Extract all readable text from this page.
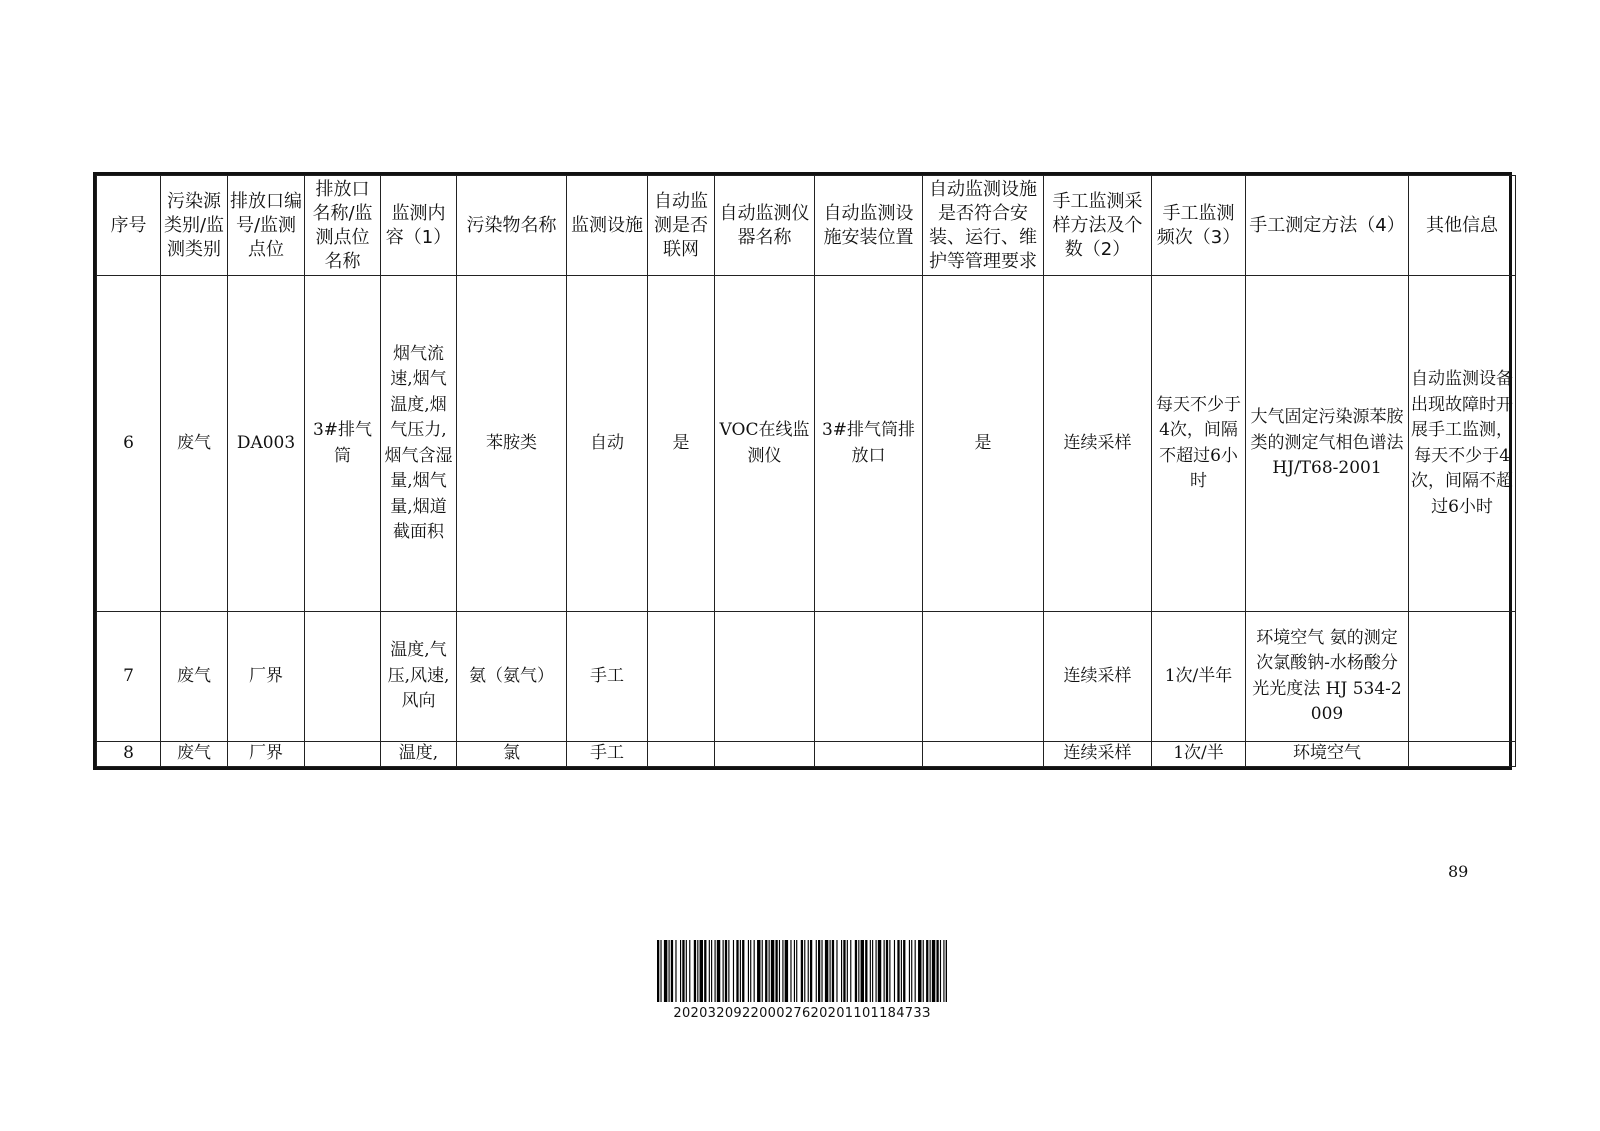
序号	污染源类别/监测类别	排放口编号/监测点位	排放口名称/监测点位名称	监测内容（1）	污染物名称	监测设施	自动监测是否联网	自动监测仪器名称	自动监测设施安装位置	自动监测设施是否符合安装、运行、维护等管理要求	手工监测采样方法及个数（2）	手工监测频次（3）	手工测定方法（4）	其他信息
6	废气	DA003	3#排气筒	烟气流速,烟气温度,烟气压力,烟气含湿量,烟气量,烟道截面积	苯胺类	自动	是	VOC在线监测仪	3#排气筒排放口	是	连续采样	每天不少于4次，间隔不超过6小时	大气固定污染源苯胺类的测定气相色谱法 HJ/T68-2001	自动监测设备出现故障时开展手工监测，每天不少于4次，间隔不超过6小时
7	废气	厂界		温度,气压,风速,风向	氨（氨气）	手工					连续采样	1次/半年	环境空气 氨的测定 次氯酸钠-水杨酸分光光度法 HJ 534-2009	
8	废气	厂界		温度,	氯	手工					连续采样	1次/半	环境空气	
89
20203209220002762020110118473З
